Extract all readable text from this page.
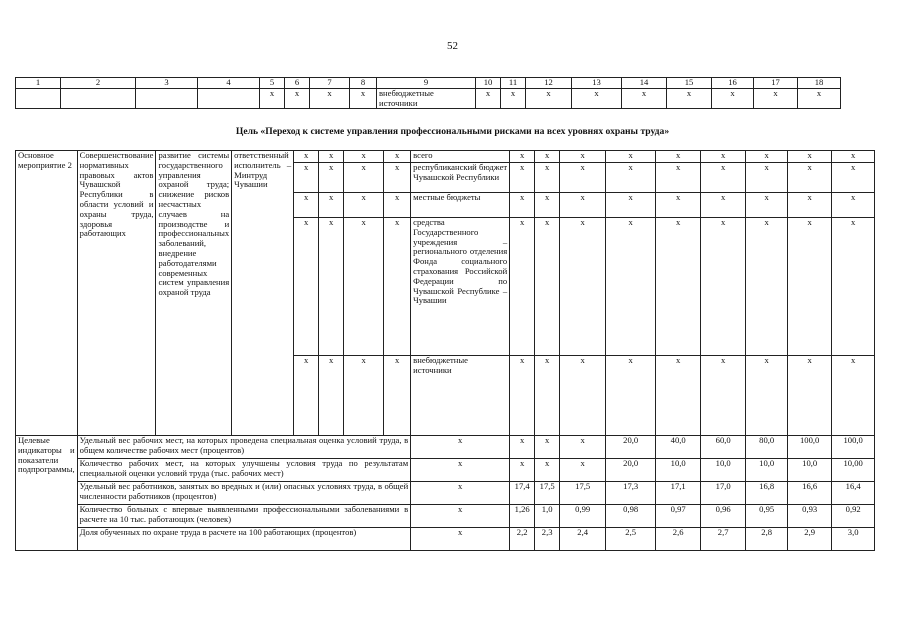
52
1	2	3	4	5	6	7	8	9	10	11	12	13	14	15	16	17	18
				x	x	x	x	внебюджетные источники	x	x	x	x	x	x	x	x	x
Цель «Переход к системе управления профессиональными рисками на всех уровнях охраны труда»
Основное мероприятие 2	Совершенствование нормативных правовых актов Чувашской Республики в области условий и охраны труда, здоровья работающих	развитие системы государственного управления охраной труда; снижение рисков несчастных случаев на производстве и профессиональных заболеваний, внедрение работодателями современных систем управления охраной труда	ответственный исполнитель – Минтруд Чувашии	x	x	x	x	всего	x	x	x	x	x	x	x	x	x
				x	x	x	x	республиканский бюджет Чувашской Республики	x	x	x	x	x	x	x	x	x
				x	x	x	x	местные бюджеты	x	x	x	x	x	x	x	x	x
				x	x	x	x	средства Государственного учреждения – регионального отделения Фонда социального страхования Российской Федерации по Чувашской Республике – Чувашии	x	x	x	x	x	x	x	x	x
				x	x	x	x	внебюджетные источники	x	x	x	x	x	x	x	x	x
Целевые индикаторы и показатели подпрограммы,	Удельный вес рабочих мест, на которых проведена специальная оценка условий труда, в общем количестве рабочих мест (процентов)							x	x	x	x	20,0	40,0	60,0	80,0	100,0	100,0
	Количество рабочих мест, на которых улучшены условия труда по результатам специальной оценки условий труда (тыс. рабочих мест)							x	x	x	x	20,0	10,0	10,0	10,0	10,0	10,00
	Удельный вес работников, занятых во вредных и (или) опасных условиях труда, в общей численности работников (процентов)							x	17,4	17,5	17,5	17,3	17,1	17,0	16,8	16,6	16,4
	Количество больных с впервые выявленными профессиональными заболеваниями в расчете на 10 тыс. работающих (человек)							x	1,26	1,0	0,99	0,98	0,97	0,96	0,95	0,93	0,92
	Доля обученных по охране труда в расчете на 100 работающих (процентов)							x	2,2	2,3	2,4	2,5	2,6	2,7	2,8	2,9	3,0
